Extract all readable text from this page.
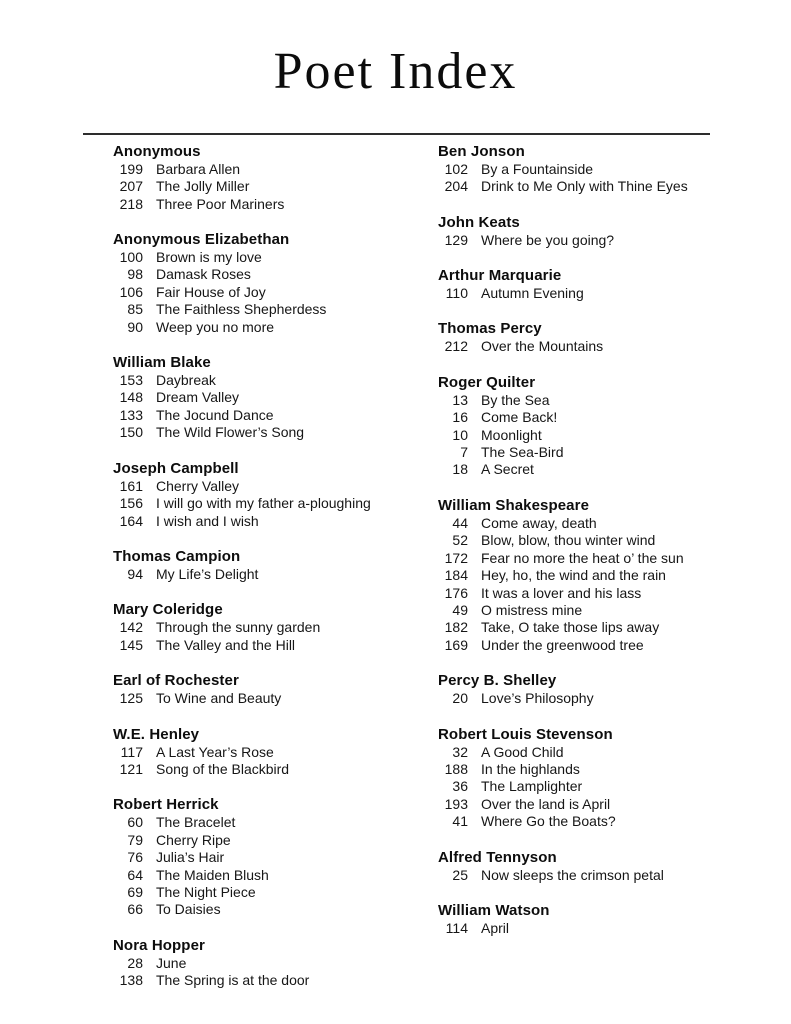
Poet Index
Anonymous
199 Barbara Allen
207 The Jolly Miller
218 Three Poor Mariners
Anonymous Elizabethan
100 Brown is my love
98 Damask Roses
106 Fair House of Joy
85 The Faithless Shepherdess
90 Weep you no more
William Blake
153 Daybreak
148 Dream Valley
133 The Jocund Dance
150 The Wild Flower’s Song
Joseph Campbell
161 Cherry Valley
156 I will go with my father a-ploughing
164 I wish and I wish
Thomas Campion
94 My Life’s Delight
Mary Coleridge
142 Through the sunny garden
145 The Valley and the Hill
Earl of Rochester
125 To Wine and Beauty
W.E. Henley
117 A Last Year’s Rose
121 Song of the Blackbird
Robert Herrick
60 The Bracelet
79 Cherry Ripe
76 Julia’s Hair
64 The Maiden Blush
69 The Night Piece
66 To Daisies
Nora Hopper
28 June
138 The Spring is at the door
Ben Jonson
102 By a Fountainside
204 Drink to Me Only with Thine Eyes
John Keats
129 Where be you going?
Arthur Marquarie
110 Autumn Evening
Thomas Percy
212 Over the Mountains
Roger Quilter
13 By the Sea
16 Come Back!
10 Moonlight
7 The Sea-Bird
18 A Secret
William Shakespeare
44 Come away, death
52 Blow, blow, thou winter wind
172 Fear no more the heat o’ the sun
184 Hey, ho, the wind and the rain
176 It was a lover and his lass
49 O mistress mine
182 Take, O take those lips away
169 Under the greenwood tree
Percy B. Shelley
20 Love’s Philosophy
Robert Louis Stevenson
32 A Good Child
188 In the highlands
36 The Lamplighter
193 Over the land is April
41 Where Go the Boats?
Alfred Tennyson
25 Now sleeps the crimson petal
William Watson
114 April
